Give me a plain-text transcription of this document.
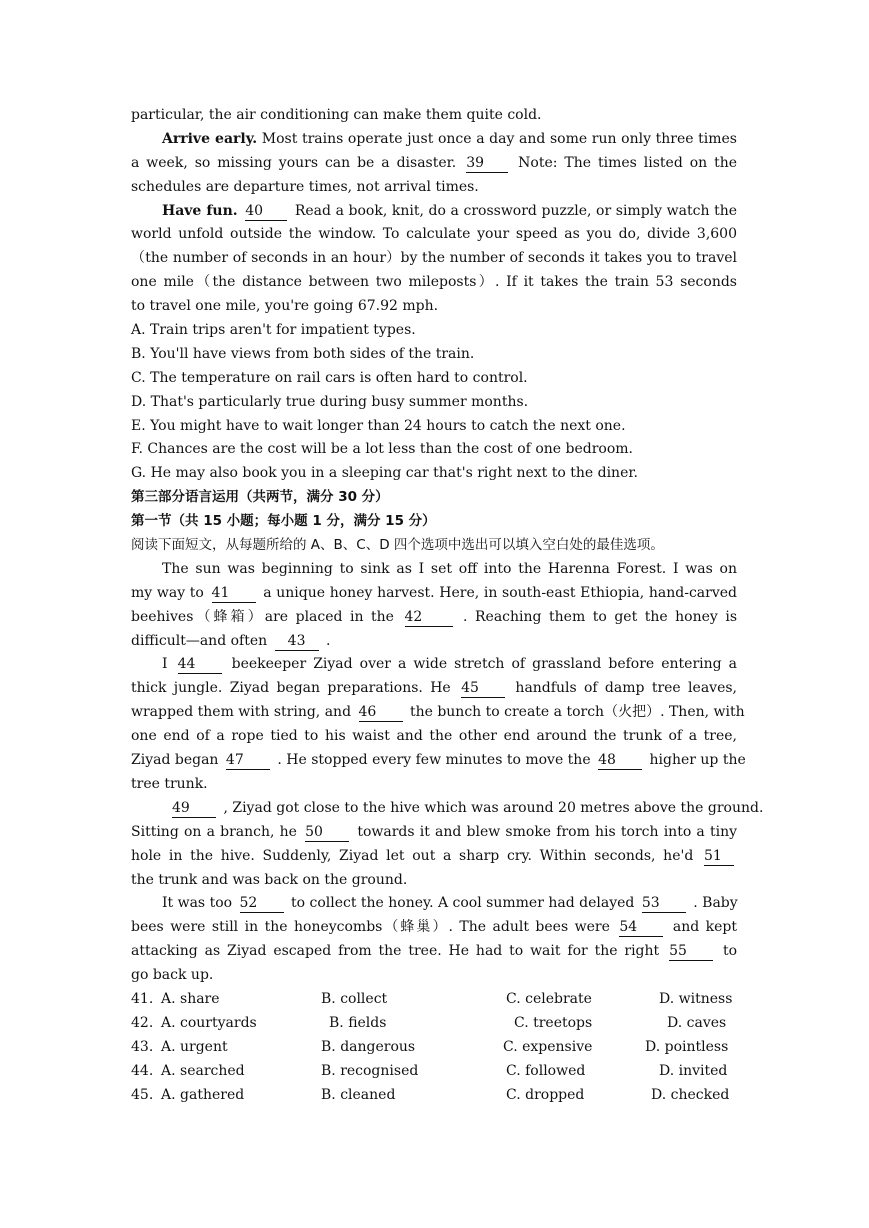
particular, the air conditioning can make them quite cold.
Arrive early. Most trains operate just once a day and some run only three times
a week, so missing yours can be a disaster. 39 Note: The times listed on the
schedules are departure times, not arrival times.
Have fun. 40 Read a book, knit, do a crossword puzzle, or simply watch the
world unfold outside the window. To calculate your speed as you do, divide 3,600
（the number of seconds in an hour）by the number of seconds it takes you to travel
one mile（the distance between two mileposts）. If it takes the train 53 seconds
to travel one mile, you're going 67.92 mph.
A. Train trips aren't for impatient types.
B. You'll have views from both sides of the train.
C. The temperature on rail cars is often hard to control.
D. That's particularly true during busy summer months.
E. You might have to wait longer than 24 hours to catch the next one.
F. Chances are the cost will be a lot less than the cost of one bedroom.
G. He may also book you in a sleeping car that's right next to the diner.
第三部分语言运用（共两节，满分 30 分）
第一节（共 15 小题；每小题 1 分，满分 15 分）
阅读下面短文，从每题所给的 A、B、C、D 四个选项中选出可以填入空白处的最佳选项。
The sun was beginning to sink as I set off into the Harenna Forest. I was on
my way to 41 a unique honey harvest. Here, in south-east Ethiopia, hand-carved
beehives（蜂箱）are placed in the 42	. Reaching them to get the honey is
difficult—and often 43 .
I 44	beekeeper Ziyad over a wide stretch of grassland before entering a
thick jungle. Ziyad began preparations. He 45	handfuls of damp tree leaves,
wrapped them with string, and 46 the bunch to create a torch（火把）. Then, with
one end of a rope tied to his waist and the other end around the trunk of a tree,
Ziyad began 47 . He stopped every few minutes to move the 48 higher up the
tree trunk.
49 , Ziyad got close to the hive which was around 20 metres above the ground.
Sitting on a branch, he 50 towards it and blew smoke from his torch into a tiny
hole in the hive. Suddenly, Ziyad let out a sharp cry. Within seconds, he'd 51
the trunk and was back on the ground.
It was too 52 to collect the honey. A cool summer had delayed 53 . Baby
bees were still in the honeycombs（蜂巢）. The adult bees were 54	and kept
attacking as Ziyad escaped from the tree. He had to wait for the right 55	to
go back up.
41. A. share	B. collect	C. celebrate	D. witness
42. A. courtyards	B. fields	C. treetops	D. caves
43. A. urgent	B. dangerous	C. expensive	D. pointless
44. A. searched	B. recognised	C. followed	D. invited
45. A. gathered	B. cleaned	C. dropped	D. checked
